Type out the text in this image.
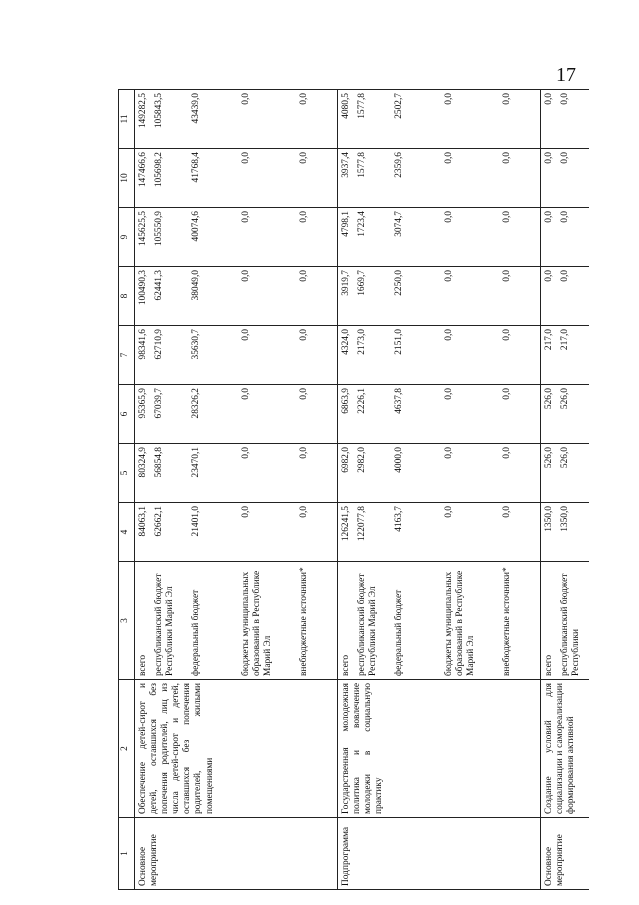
17
1	2	3	4	5	6	7	8	9	10	11
Основное мероприятие	Обеспечение детей-сирот и детей, оставшихся без попечения родителей, лиц из числа детей-сирот и детей, оставшихся без попечения родителей, жилыми помещениями	всего	84063,1	80324,9	95365,9	98341,6	100490,3	145625,5	147466,6	149282,5
		республиканский бюджет Республики Марий Эл	62662,1	56854,8	67039,7	62710,9	62441,3	105550,9	105698,2	105843,5
		федеральный бюджет	21401,0	23470,1	28326,2	35630,7	38049,0	40074,6	41768,4	43439,0
		бюджеты муниципальных образований в Республике Марий Эл	0,0	0,0	0,0	0,0	0,0	0,0	0,0	0,0
		внебюджетные источники*	0,0	0,0	0,0	0,0	0,0	0,0	0,0	0,0
Подпрограмма	Государственная молодежная политика и вовлечение молодежи в социальную практику	всего	126241,5	6982,0	6863,9	4324,0	3919,7	4798,1	3937,4	4080,5
		республиканский бюджет Республики Марий Эл	122077,8	2982,0	2226,1	2173,0	1669,7	1723,4	1577,8	1577,8
		федеральный бюджет	4163,7	4000,0	4637,8	2151,0	2250,0	3074,7	2359,6	2502,7
		бюджеты муниципальных образований в Республике Марий Эл	0,0	0,0	0,0	0,0	0,0	0,0	0,0	0,0
		внебюджетные источники*	0,0	0,0	0,0	0,0	0,0	0,0	0,0	0,0
Основное мероприятие	Создание условий для социализации и самореализации формирования активной	всего	1350,0	526,0	526,0	217,0	0,0	0,0	0,0	0,0
		республиканский бюджет Республики	1350,0	526,0	526,0	217,0	0,0	0,0	0,0	0,0
